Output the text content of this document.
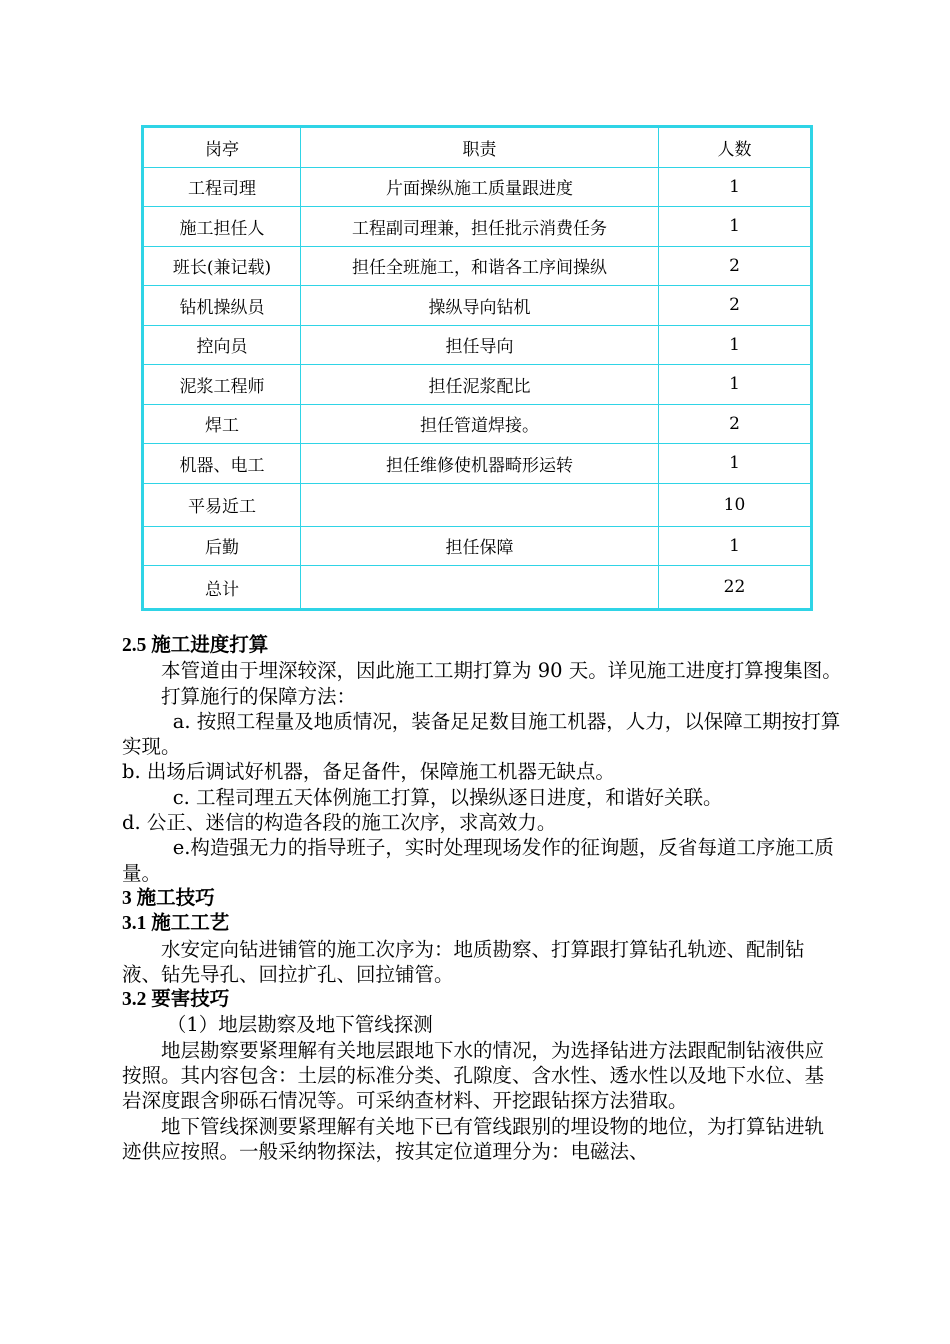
岗亭	职责	人数
工程司理	片面操纵施工质量跟进度	1
施工担任人	工程副司理兼，担任批示消费任务	1
班长(兼记载)	担任全班施工，和谐各工序间操纵	2
钻机操纵员	操纵导向钻机	2
控向员	担任导向	1
泥浆工程师	担任泥浆配比	1
焊工	担任管道焊接。	2
机器、电工	担任维修使机器畸形运转	1
平易近工		10
后勤	担任保障	1
总计		22

2.5 施工进度打算

本管道由于埋深较深，因此施工工期打算为 90 天。详见施工进度打算搜集图。

打算施行的保障方法：

a. 按照工程量及地质情况，装备足足数目施工机器，人力，以保障工期按打算实现。

b. 出场后调试好机器，备足备件，保障施工机器无缺点。

c. 工程司理五天体例施工打算，以操纵逐日进度，和谐好关联。

d. 公正、迷信的构造各段的施工次序，求高效力。

e.构造强无力的指导班子，实时处理现场发作的征询题，反省每道工序施工质量。

3 施工技巧

3.1 施工工艺

水安定向钻进铺管的施工次序为：地质勘察、打算跟打算钻孔轨迹、配制钻液、钻先导孔、回拉扩孔、回拉铺管。

3.2 要害技巧

（1）地层勘察及地下管线探测

地层勘察要紧理解有关地层跟地下水的情况，为选择钻进方法跟配制钻液供应按照。其内容包含：土层的标准分类、孔隙度、含水性、透水性以及地下水位、基岩深度跟含卵砾石情况等。可采纳查材料、开挖跟钻探方法猎取。

地下管线探测要紧理解有关地下已有管线跟别的埋设物的地位，为打算钻进轨迹供应按照。一般采纳物探法，按其定位道理分为：电磁法、
